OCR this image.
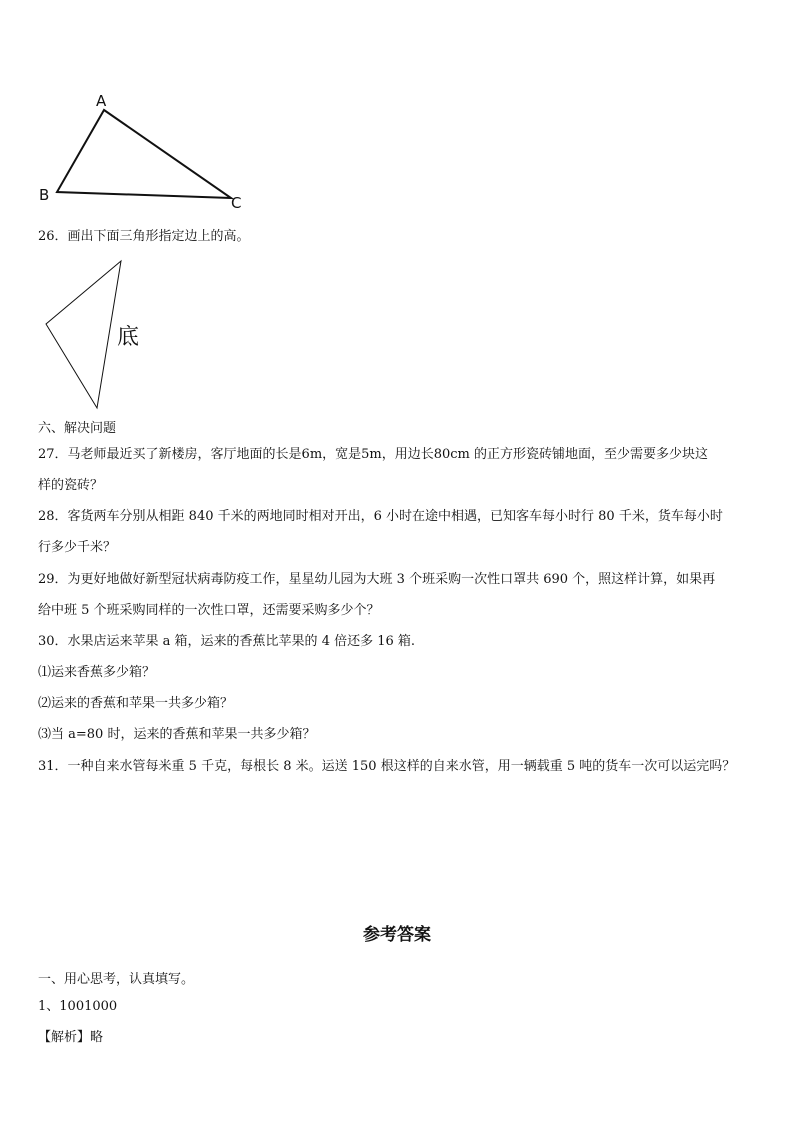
A
B	C
26．画出下面三角形指定边上的高。
底
六、解决问题
27．马老师最近买了新楼房，客厅地面的长是6m，宽是5m，用边长80cm 的正方形瓷砖铺地面，至少需要多少块这
样的瓷砖？
28．客货两车分别从相距 840 千米的两地同时相对开出，6 小时在途中相遇，已知客车每小时行 80 千米，货车每小时
行多少千米？
29．为更好地做好新型冠状病毒防疫工作，星星幼儿园为大班 3 个班采购一次性口罩共 690 个，照这样计算，如果再
给中班 5 个班采购同样的一次性口罩，还需要采购多少个？
30．水果店运来苹果 a 箱，运来的香蕉比苹果的 4 倍还多 16 箱.
⑴运来香蕉多少箱？
⑵运来的香蕉和苹果一共多少箱？
⑶当 a=80 时，运来的香蕉和苹果一共多少箱？
31．一种自来水管每米重 5 千克，每根长 8 米。运送 150 根这样的自来水管，用一辆载重 5 吨的货车一次可以运完吗？
参考答案
一、用心思考，认真填写。
1、1001000
【解析】略
